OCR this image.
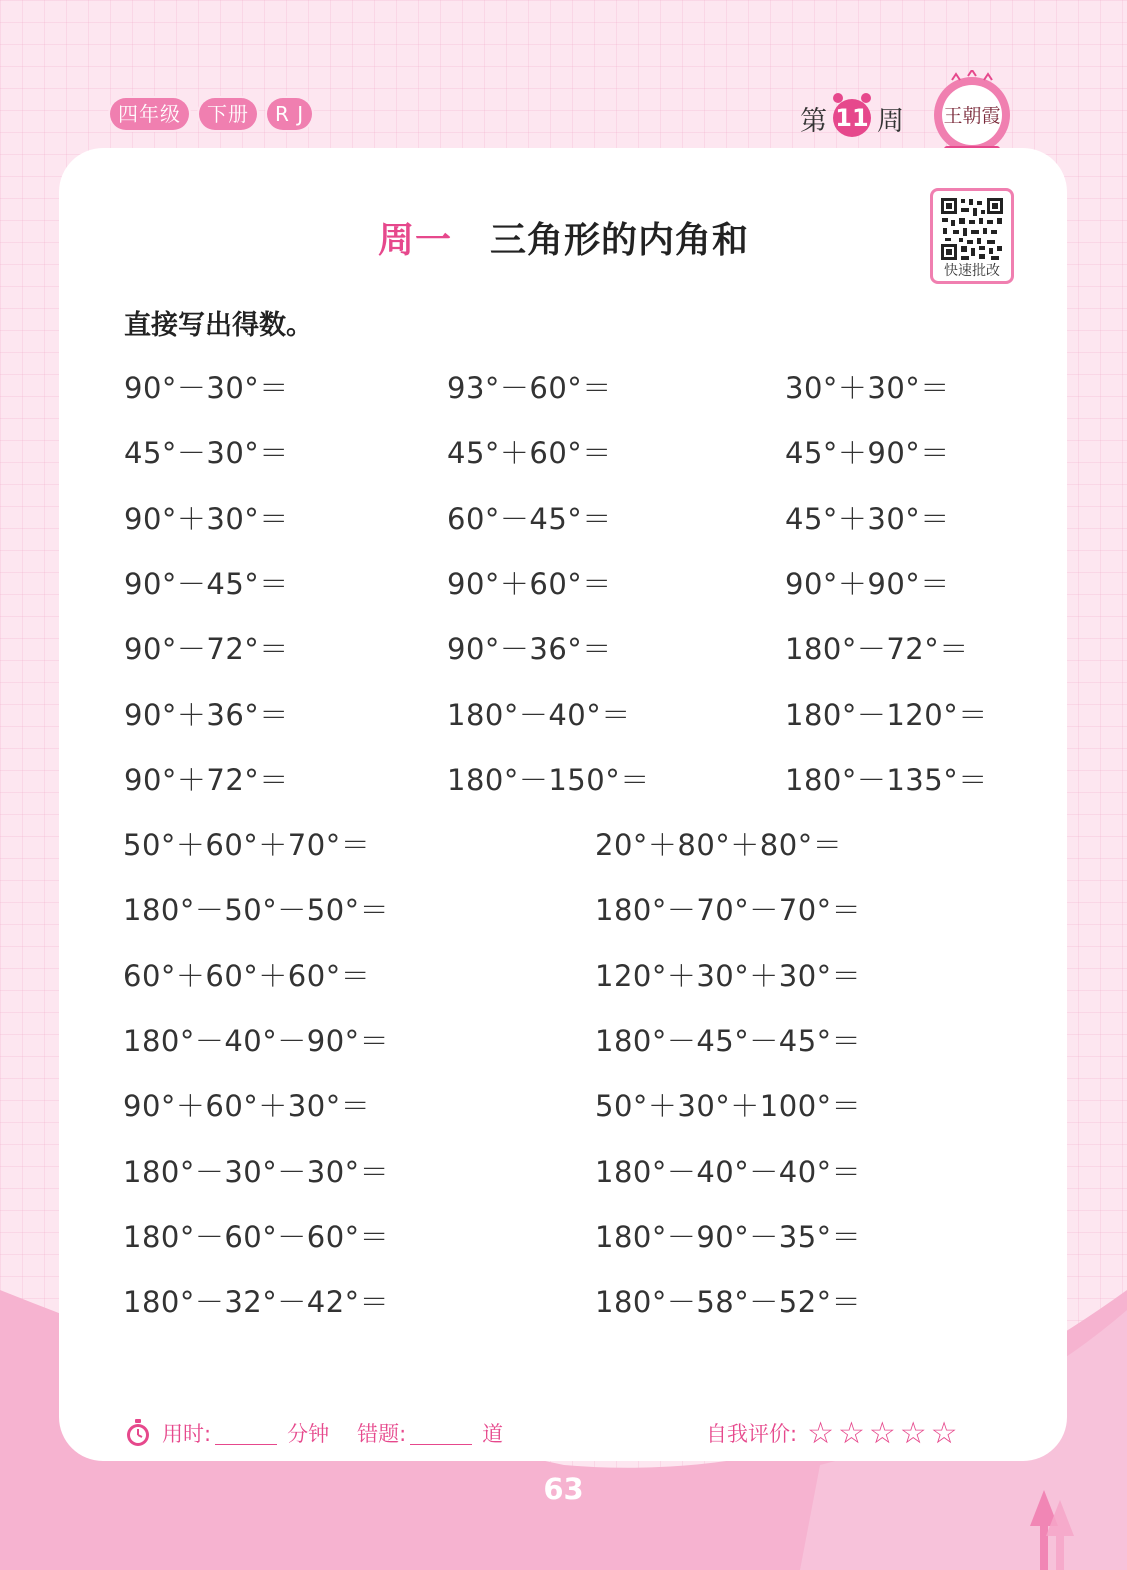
四年级	下册	R J	第 11 周 王朝霞
周一 三角形的内角和
快速批改
直接写出得数。
90°－30°＝	93°－60°＝	30°＋30°＝
45°－30°＝	45°＋60°＝	45°＋90°＝
90°＋30°＝	60°－45°＝	45°＋30°＝
90°－45°＝	90°＋60°＝	90°＋90°＝
90°－72°＝	90°－36°＝	180°－72°＝
90°＋36°＝	180°－40°＝	180°－120°＝
90°＋72°＝	180°－150°＝	180°－135°＝
50°＋60°＋70°＝	20°＋80°＋80°＝
180°－50°－50°＝	180°－70°－70°＝
60°＋60°＋60°＝	120°＋30°＋30°＝
180°－40°－90°＝	180°－45°－45°＝
90°＋60°＋30°＝	50°＋30°＋100°＝
180°－30°－30°＝	180°－40°－40°＝
180°－60°－60°＝	180°－90°－35°＝
180°－32°－42°＝	180°－58°－52°＝
用时:	分钟 错题:	道	自我评价: ☆☆☆☆☆
63
